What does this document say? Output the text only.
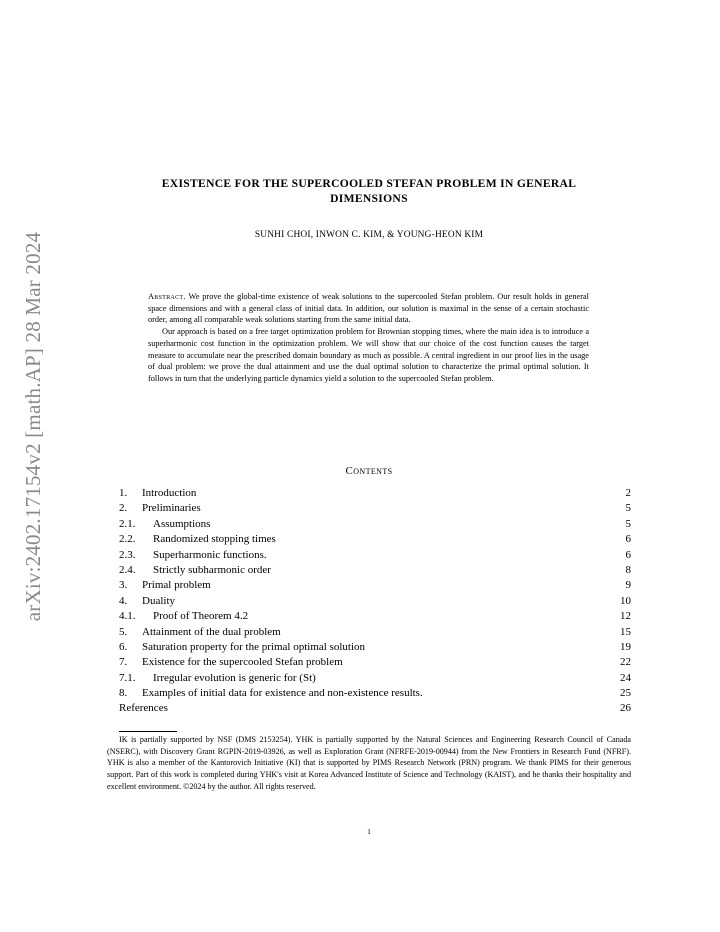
arXiv:2402.17154v2 [math.AP] 28 Mar 2024
EXISTENCE FOR THE SUPERCOOLED STEFAN PROBLEM IN GENERAL DIMENSIONS
SUNHI CHOI, INWON C. KIM, & YOUNG-HEON KIM

Abstract. We prove the global-time existence of weak solutions to the supercooled Stefan problem. Our result holds in general space dimensions and with a general class of initial data. In addition, our solution is maximal in the sense of a certain stochastic order, among all comparable weak solutions starting from the same initial data.

Our approach is based on a free target optimization problem for Brownian stopping times, where the main idea is to introduce a superharmonic cost function in the optimization problem. We will show that our choice of the cost function causes the target measure to accumulate near the prescribed domain boundary as much as possible. A central ingredient in our proof lies in the usage of dual problem: we prove the dual attainment and use the dual optimal solution to characterize the primal optimal solution. It follows in turn that the underlying particle dynamics yield a solution to the supercooled Stefan problem.

Contents
1. Introduction	2
2. Preliminaries	5
2.1. Assumptions	5
2.2. Randomized stopping times	6
2.3. Superharmonic functions.	6
2.4. Strictly subharmonic order	8
3. Primal problem	9
4. Duality	10
4.1. Proof of Theorem 4.2	12
5. Attainment of the dual problem	15
6. Saturation property for the primal optimal solution	19
7. Existence for the supercooled Stefan problem	22
7.1. Irregular evolution is generic for (St)	24
8. Examples of initial data for existence and non-existence results.	25
References	26
IK is partially supported by NSF (DMS 2153254). YHK is partially supported by the Natural Sciences and Engineering Research Council of Canada (NSERC), with Discovery Grant RGPIN-2019-03926, as well as Exploration Grant (NFRFE-2019-00944) from the New Frontiers in Research Fund (NFRF). YHK is also a member of the Kantorovich Initiative (KI) that is supported by PIMS Research Network (PRN) program. We thank PIMS for their generous support. Part of this work is completed during YHK's visit at Korea Advanced Institute of Science and Technology (KAIST), and he thanks their hospitality and excellent environment. ©2024 by the author. All rights reserved.
1
